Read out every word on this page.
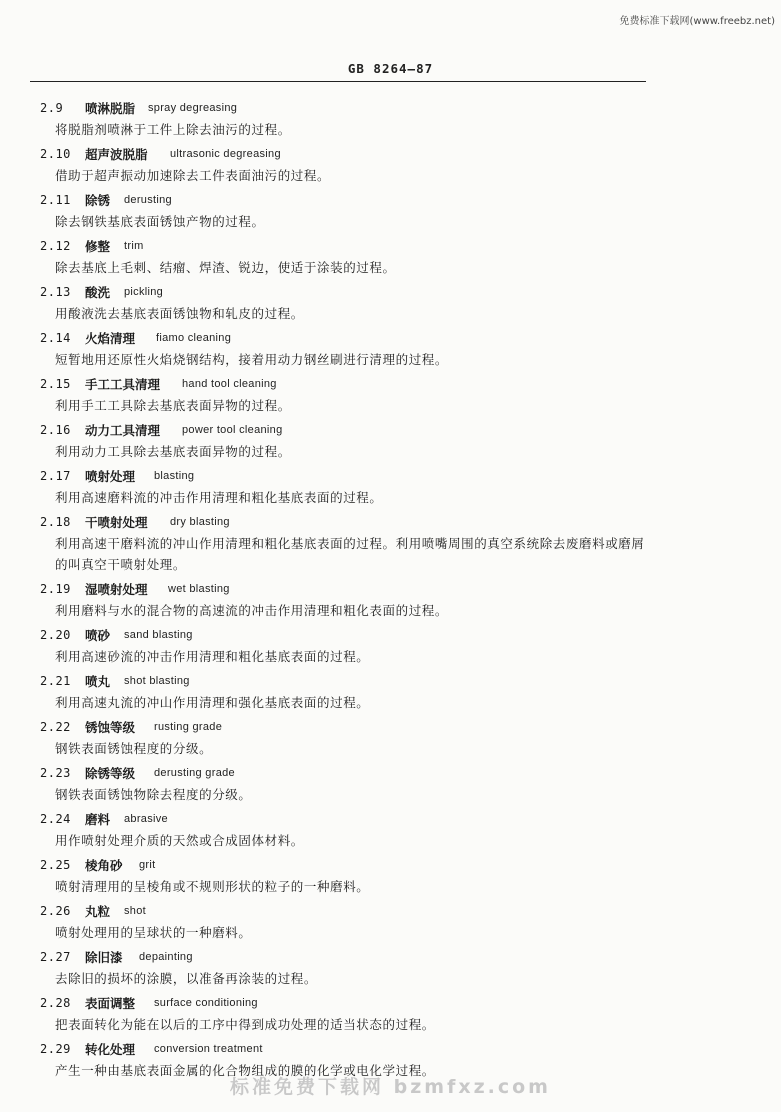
免费标准下载网(www.freebz.net)
GB 8264—87
2.9 喷淋脱脂 spray degreasing
将脱脂剂喷淋于工件上除去油污的过程。
2.10 超声波脱脂 ultrasonic degreasing
借助于超声振动加速除去工件表面油污的过程。
2.11 除锈 derusting
除去钢铁基底表面锈蚀产物的过程。
2.12 修整 trim
除去基底上毛刺、结瘤、焊渣、锐边，使适于涂装的过程。
2.13 酸洗 pickling
用酸液洗去基底表面锈蚀物和轧皮的过程。
2.14 火焰清理 fiamo cleaning
短暂地用还原性火焰烧钢结构，接着用动力钢丝刷进行清理的过程。
2.15 手工工具清理 hand tool cleaning
利用手工工具除去基底表面异物的过程。
2.16 动力工具清理 power tool cleaning
利用动力工具除去基底表面异物的过程。
2.17 喷射处理 blasting
利用高速磨料流的冲击作用清理和粗化基底表面的过程。
2.18 干喷射处理 dry blasting
利用高速干磨料流的冲山作用清理和粗化基底表面的过程。利用喷嘴周围的真空系统除去废磨料或磨屑的叫真空干喷射处理。
2.19 湿喷射处理 wet blasting
利用磨料与水的混合物的高速流的冲击作用清理和粗化表面的过程。
2.20 喷砂 sand blasting
利用高速砂流的冲击作用清理和粗化基底表面的过程。
2.21 喷丸 shot blasting
利用高速丸流的冲山作用清理和强化基底表面的过程。
2.22 锈蚀等级 rusting grade
钢铁表面锈蚀程度的分级。
2.23 除锈等级 derusting grade
钢铁表面锈蚀物除去程度的分级。
2.24 磨料 abrasive
用作喷射处理介质的天然或合成固体材料。
2.25 棱角砂 grit
喷射清理用的呈棱角或不规则形状的粒子的一种磨料。
2.26 丸粒 shot
喷射处理用的呈球状的一种磨料。
2.27 除旧漆 depainting
去除旧的损坏的涂膜，以准备再涂装的过程。
2.28 表面调整 surface conditioning
把表面转化为能在以后的工序中得到成功处理的适当状态的过程。
2.29 转化处理 conversion treatment
产生一种由基底表面金属的化合物组成的膜的化学或电化学过程。
标准免费下载网 bzmfxz.com
